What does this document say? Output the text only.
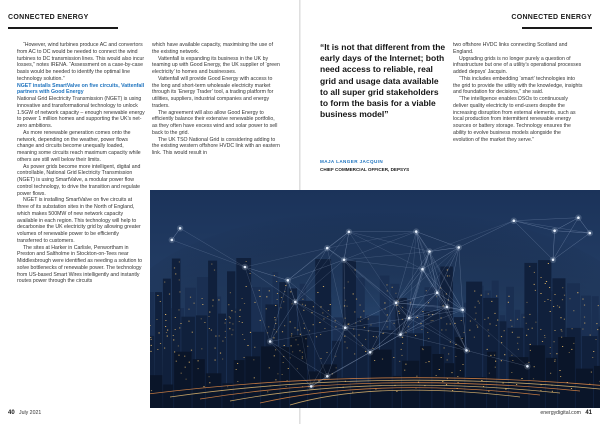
CONNECTED ENERGY

“However, wind turbines produce AC and convertors from AC to DC would be needed to connect the wind turbines to DC transmission lines. This would also incur losses,” notes IRENA. “Assessment on a case-by-case basis would be needed to identify the optimal line technology solution.”

NGET installs SmartValve on five circuits, Vattenfall partners with Good Energy

National Grid Electricity Transmission (NGET) is using innovative and transformational technology to unlock 1.5GW of network capacity – enough renewable energy to power 1 million homes and supporting the UK’s net-zero ambitions.

As more renewable generation comes onto the network, depending on the weather, power flows change and circuits become unequally loaded, meaning some circuits reach maximum capacity while others are still well below their limits.

As power grids become more intelligent, digital and controllable, National Grid Electricity Transmission (NGET) is using SmartValve, a modular power flow control technology, to drive the transition and regulate power flows.

NGET is installing SmartValve on five circuits at three of its substation sites in the North of England, which makes 500MW of new network capacity available in each region. This technology will help to decarbonise the UK electricity grid by allowing greater volumes of renewable power to be efficiently transferred to customers.

The sites at Harker in Carlisle, Penwortham in Preston and Saltholme in Stockton-on-Tees near Middlesbrough were identified as needing a solution to solve bottlenecks of renewable power. The technology from US-based Smart Wires intelligently and instantly routes power through the circuits

which have available capacity, maximising the use of the existing network.

Vattenfall is expanding its business in the UK by teaming up with Good Energy, the UK supplier of ‘green electricity’ to homes and businesses.

Vattenfall will provide Good Energy with access to the long and short-term wholesale electricity market through its ‘Energy Trader’ tool, a trading platform for utilities, suppliers, industrial companies and energy traders.

The agreement will also allow Good Energy to efficiently balance their extensive renewable portfolio, as they often have excess wind and solar power to sell back to the grid.

The UK TSO National Grid is considering adding to the existing western offshore HVDC link with an eastern link. This would result in

40 July 2021
CONNECTED ENERGY
energydigital.com 41
“It is not that different from the early days of the Internet; both need access to reliable, real grid and usage data available to all super grid stakeholders to form the basis for a viable business model”
MAJA LANGER JACQUIN
CHIEF COMMERCIAL OFFICER, DEPSYS

two offshore HVDC links connecting Scotland and England.

Upgrading grids is no longer purely a question of infrastructure but one of a utility’s operational processes added depsys’ Jacquin.

“This includes embedding ‘smart’ technologies into the grid to provide the utility with the knowledge, insights and foundation for decisions,” she said.

“The intelligence enables DSOs to continuously deliver quality electricity to end-users despite the increasing disruption from external elements, such as local production from intermittent renewable energy sources or battery storage. Technology ensures the ability to evolve business models alongside the evolution of the market they serve.”
